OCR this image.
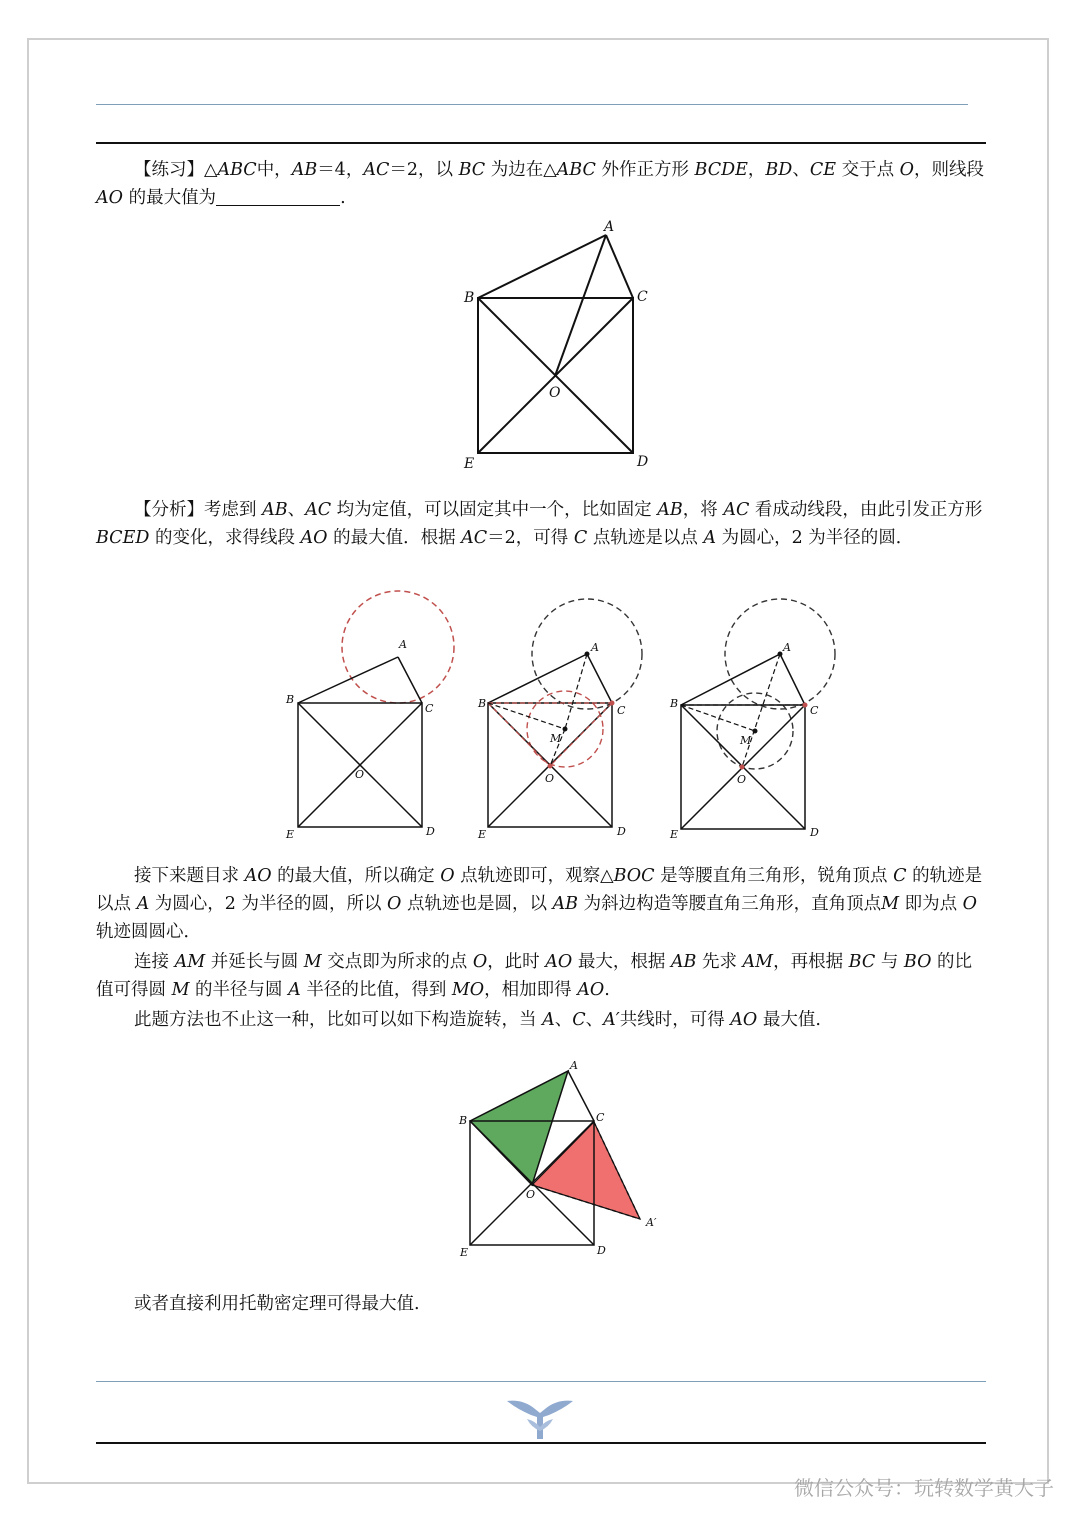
【练习】△ABC中，AB＝4，AC＝2，以 BC 为边在△ABC 外作正方形 BCDE，BD、CE 交于点 O，则线段 AO 的最大值为	.

A
B	C
O
E	D

【分析】考虑到 AB、AC 均为定值，可以固定其中一个，比如固定 AB，将 AC 看成动线段，由此引发正方形 BCED 的变化，求得线段 AO 的最大值．根据 AC＝2，可得 C 点轨迹是以点 A 为圆心，2 为半径的圆．

A
B
C
O
E	D
A
B
C
M
O
E	D
A
B
C
M
O
E	D

接下来题目求 AO 的最大值，所以确定 O 点轨迹即可，观察△BOC 是等腰直角三角形，锐角顶点 C 的轨迹是以点 A 为圆心，2 为半径的圆，所以 O 点轨迹也是圆，以 AB 为斜边构造等腰直角三角形，直角顶点M 即为点 O 轨迹圆圆心．

连接 AM 并延长与圆 M 交点即为所求的点 O，此时 AO 最大，根据 AB 先求 AM，再根据 BC 与 BO 的比值可得圆 M 的半径与圆 A 半径的比值，得到 MO，相加即得 AO.

此题方法也不止这一种，比如可以如下构造旋转，当 A、C、A′共线时，可得 AO 最大值.

A
B	C
O
A′
E	D

或者直接利用托勒密定理可得最大值.

微信公众号：玩转数学黄大子
